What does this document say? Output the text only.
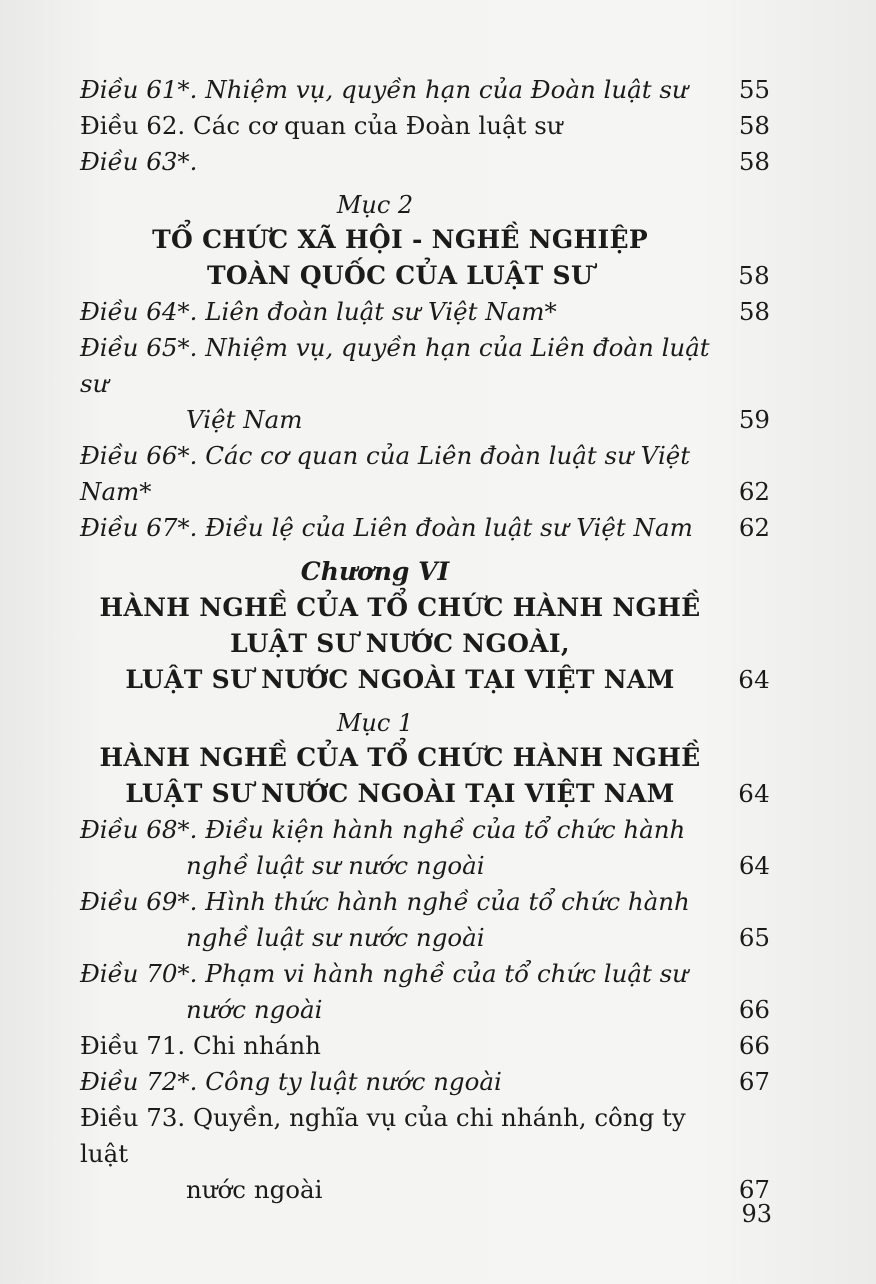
Điều 61*. Nhiệm vụ, quyền hạn của Đoàn luật sư 55
Điều 62. Các cơ quan của Đoàn luật sư	58
Điều 63*.	58
Mục 2
TỔ CHỨC XÃ HỘI - NGHỀ NGHIỆP
TOÀN QUỐC CỦA LUẬT SƯ	58
Điều 64*. Liên đoàn luật sư Việt Nam*	58
Điều 65*. Nhiệm vụ, quyền hạn của Liên đoàn luật sư
Việt Nam	59
Điều 66*. Các cơ quan của Liên đoàn luật sư Việt Nam*	62
Điều 67*. Điều lệ của Liên đoàn luật sư Việt Nam 62
Chương VI
HÀNH NGHỀ CỦA TỔ CHỨC HÀNH NGHỀ
LUẬT SƯ NƯỚC NGOÀI,
LUẬT SƯ NƯỚC NGOÀI TẠI VIỆT NAM	64
Mục 1
HÀNH NGHỀ CỦA TỔ CHỨC HÀNH NGHỀ
LUẬT SƯ NƯỚC NGOÀI TẠI VIỆT NAM	64
Điều 68*. Điều kiện hành nghề của tổ chức hành
nghề luật sư nước ngoài	64
Điều 69*. Hình thức hành nghề của tổ chức hành
nghề luật sư nước ngoài	65
Điều 70*. Phạm vi hành nghề của tổ chức luật sư
nước ngoài	66
Điều 71. Chi nhánh	66
Điều 72*. Công ty luật nước ngoài	67
Điều 73. Quyền, nghĩa vụ của chi nhánh, công ty luật
nước ngoài	67
93
